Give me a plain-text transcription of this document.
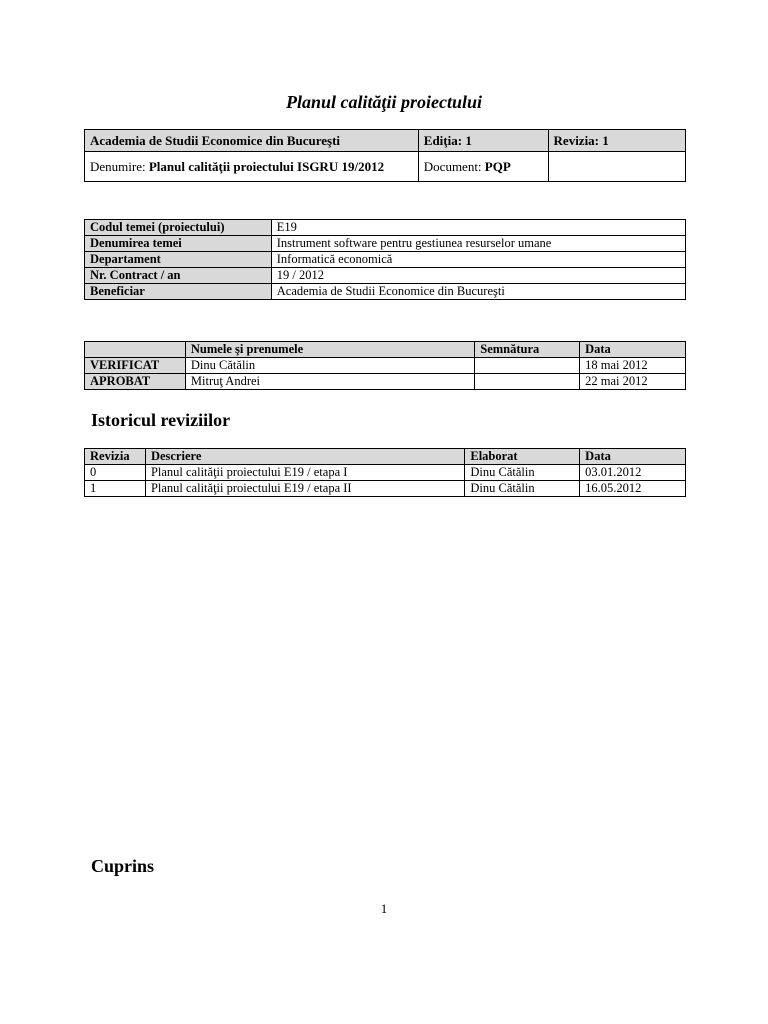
Planul calităţii proiectului
Academia de Studii Economice din Bucureşti	Ediţia: 1	Revizia: 1
Denumire: Planul calităţii proiectului ISGRU 19/2012	Document: PQP	
Codul temei (proiectului)	E19
Denumirea temei	Instrument software pentru gestiunea resurselor umane
Departament	Informatică economică
Nr. Contract / an	19 / 2012
Beneficiar	Academia de Studii Economice din Bucureşti
	Numele şi prenumele	Semnătura	Data
VERIFICAT	Dinu Cătălin		18 mai 2012
APROBAT	Mitruţ Andrei		22 mai 2012
Istoricul reviziilor
Revizia	Descriere	Elaborat	Data
0	Planul calităţii proiectului E19 / etapa I	Dinu Cătălin	03.01.2012
1	Planul calităţii proiectului E19 / etapa II	Dinu Cătălin	16.05.2012
Cuprins
1
